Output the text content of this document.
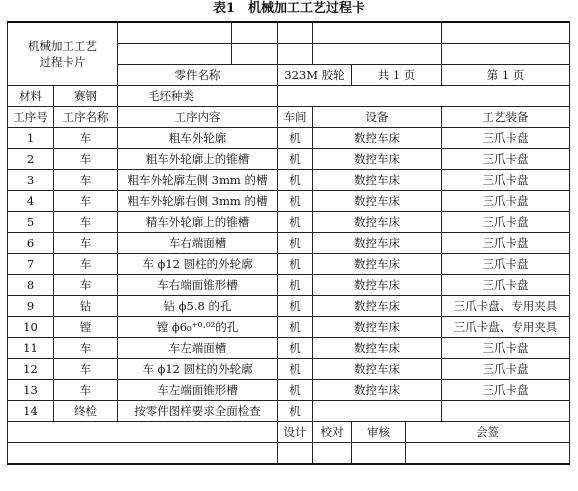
表1　机械加工工艺过程卡
机械加工工艺
过程卡片								

		零件名称		323M 胶轮		共 1 页		第 1 页
材料	赛钢	毛坯种类						
工序号	工序名称	工序内容		车间	设备			工艺装备
1	车	粗车外轮廓		机	数控车床			三爪卡盘
2	车	粗车外轮廓上的锥槽		机	数控车床			三爪卡盘
3	车	粗车外轮廓左侧 3mm 的槽		机	数控车床			三爪卡盘
4	车	粗车外轮廓右侧 3mm 的槽		机	数控车床			三爪卡盘
5	车	精车外轮廓上的锥槽		机	数控车床			三爪卡盘
6	车	车右端面槽		机	数控车床			三爪卡盘
7	车	车 ϕ12 圆柱的外轮廓		机	数控车床			三爪卡盘
8	车	车右端面锥形槽		机	数控车床			三爪卡盘
9	钻	钻 ϕ5.8 的孔		机	数控车床			三爪卡盘、专用夹具
10	镗	镗 ϕ6₀⁺⁰·⁰²的孔		机	数控车床			三爪卡盘、专用夹具
11	车	车左端面槽		机	数控车床			三爪卡盘
12	车	车 ϕ12 圆柱的外轮廓		机	数控车床			三爪卡盘
13	车	车左端面锥形槽		机	数控车床			三爪卡盘
14	终检	按零件图样要求全面检查		机				
				设计	校对	审核	会签	
